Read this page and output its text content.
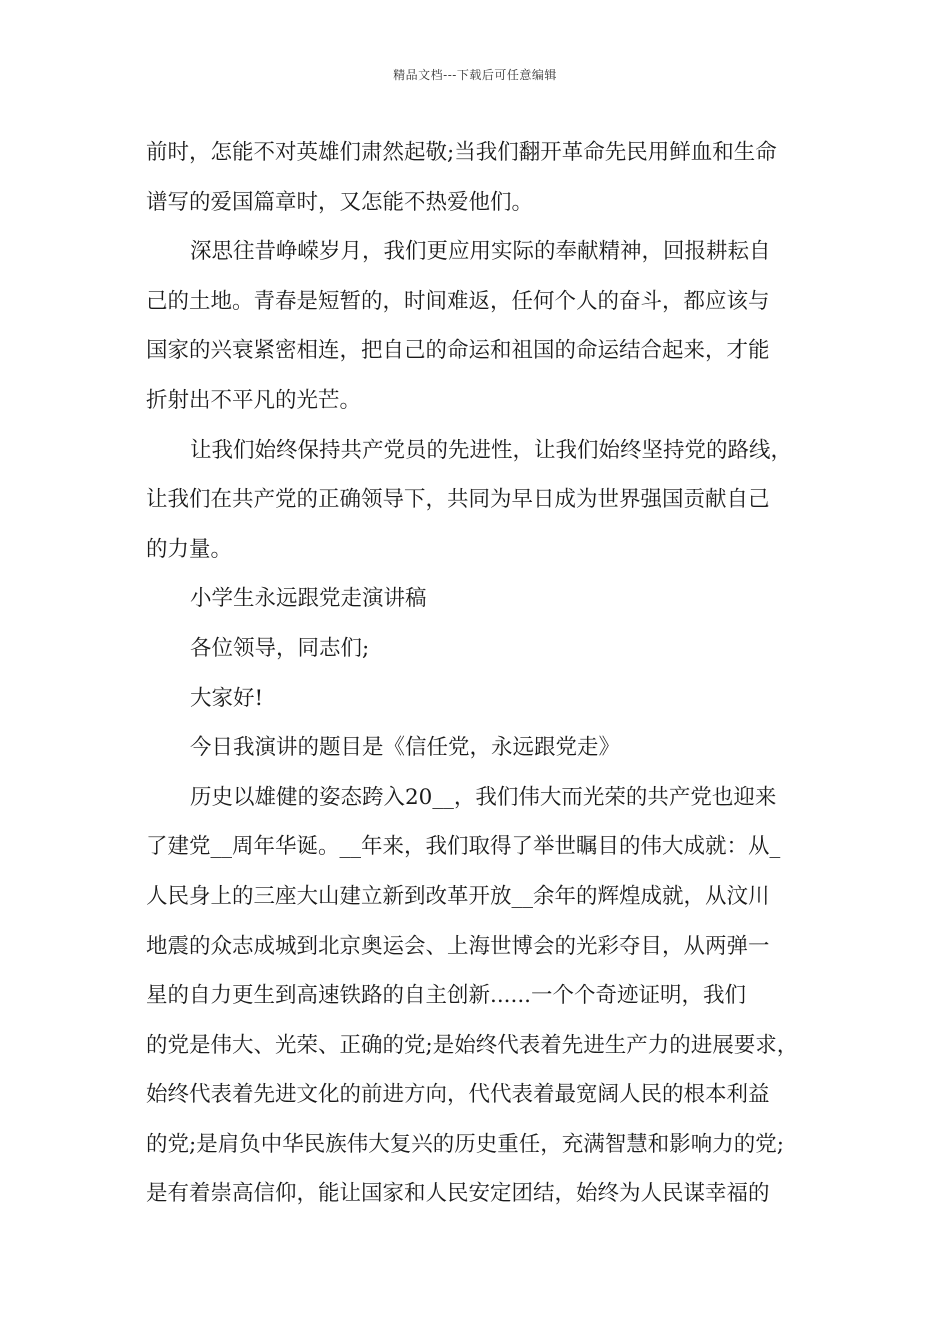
精品文档---下载后可任意编辑
前时，怎能不对英雄们肃然起敬;当我们翻开革命先民用鲜血和生命
谱写的爱国篇章时，又怎能不热爱他们。
深思往昔峥嵘岁月，我们更应用实际的奉献精神，回报耕耘自
己的土地。青春是短暂的，时间难返，任何个人的奋斗，都应该与
国家的兴衰紧密相连，把自己的命运和祖国的命运结合起来，才能
折射出不平凡的光芒。
让我们始终保持共产党员的先进性，让我们始终坚持党的路线，
让我们在共产党的正确领导下，共同为早日成为世界强国贡献自己
的力量。
小学生永远跟党走演讲稿
各位领导，同志们;
大家好!
今日我演讲的题目是《信任党，永远跟党走》
历史以雄健的姿态跨入20__，我们伟大而光荣的共产党也迎来
了建党__周年华诞。__年来，我们取得了举世瞩目的伟大成就：从_
人民身上的三座大山建立新到改革开放__余年的辉煌成就，从汶川
地震的众志成城到北京奥运会、上海世博会的光彩夺目，从两弹一
星的自力更生到高速铁路的自主创新......一个个奇迹证明，我们
的党是伟大、光荣、正确的党;是始终代表着先进生产力的进展要求，
始终代表着先进文化的前进方向，代代表着最宽阔人民的根本利益
的党;是肩负中华民族伟大复兴的历史重任，充满智慧和影响力的党;
是有着崇高信仰，能让国家和人民安定团结，始终为人民谋幸福的
